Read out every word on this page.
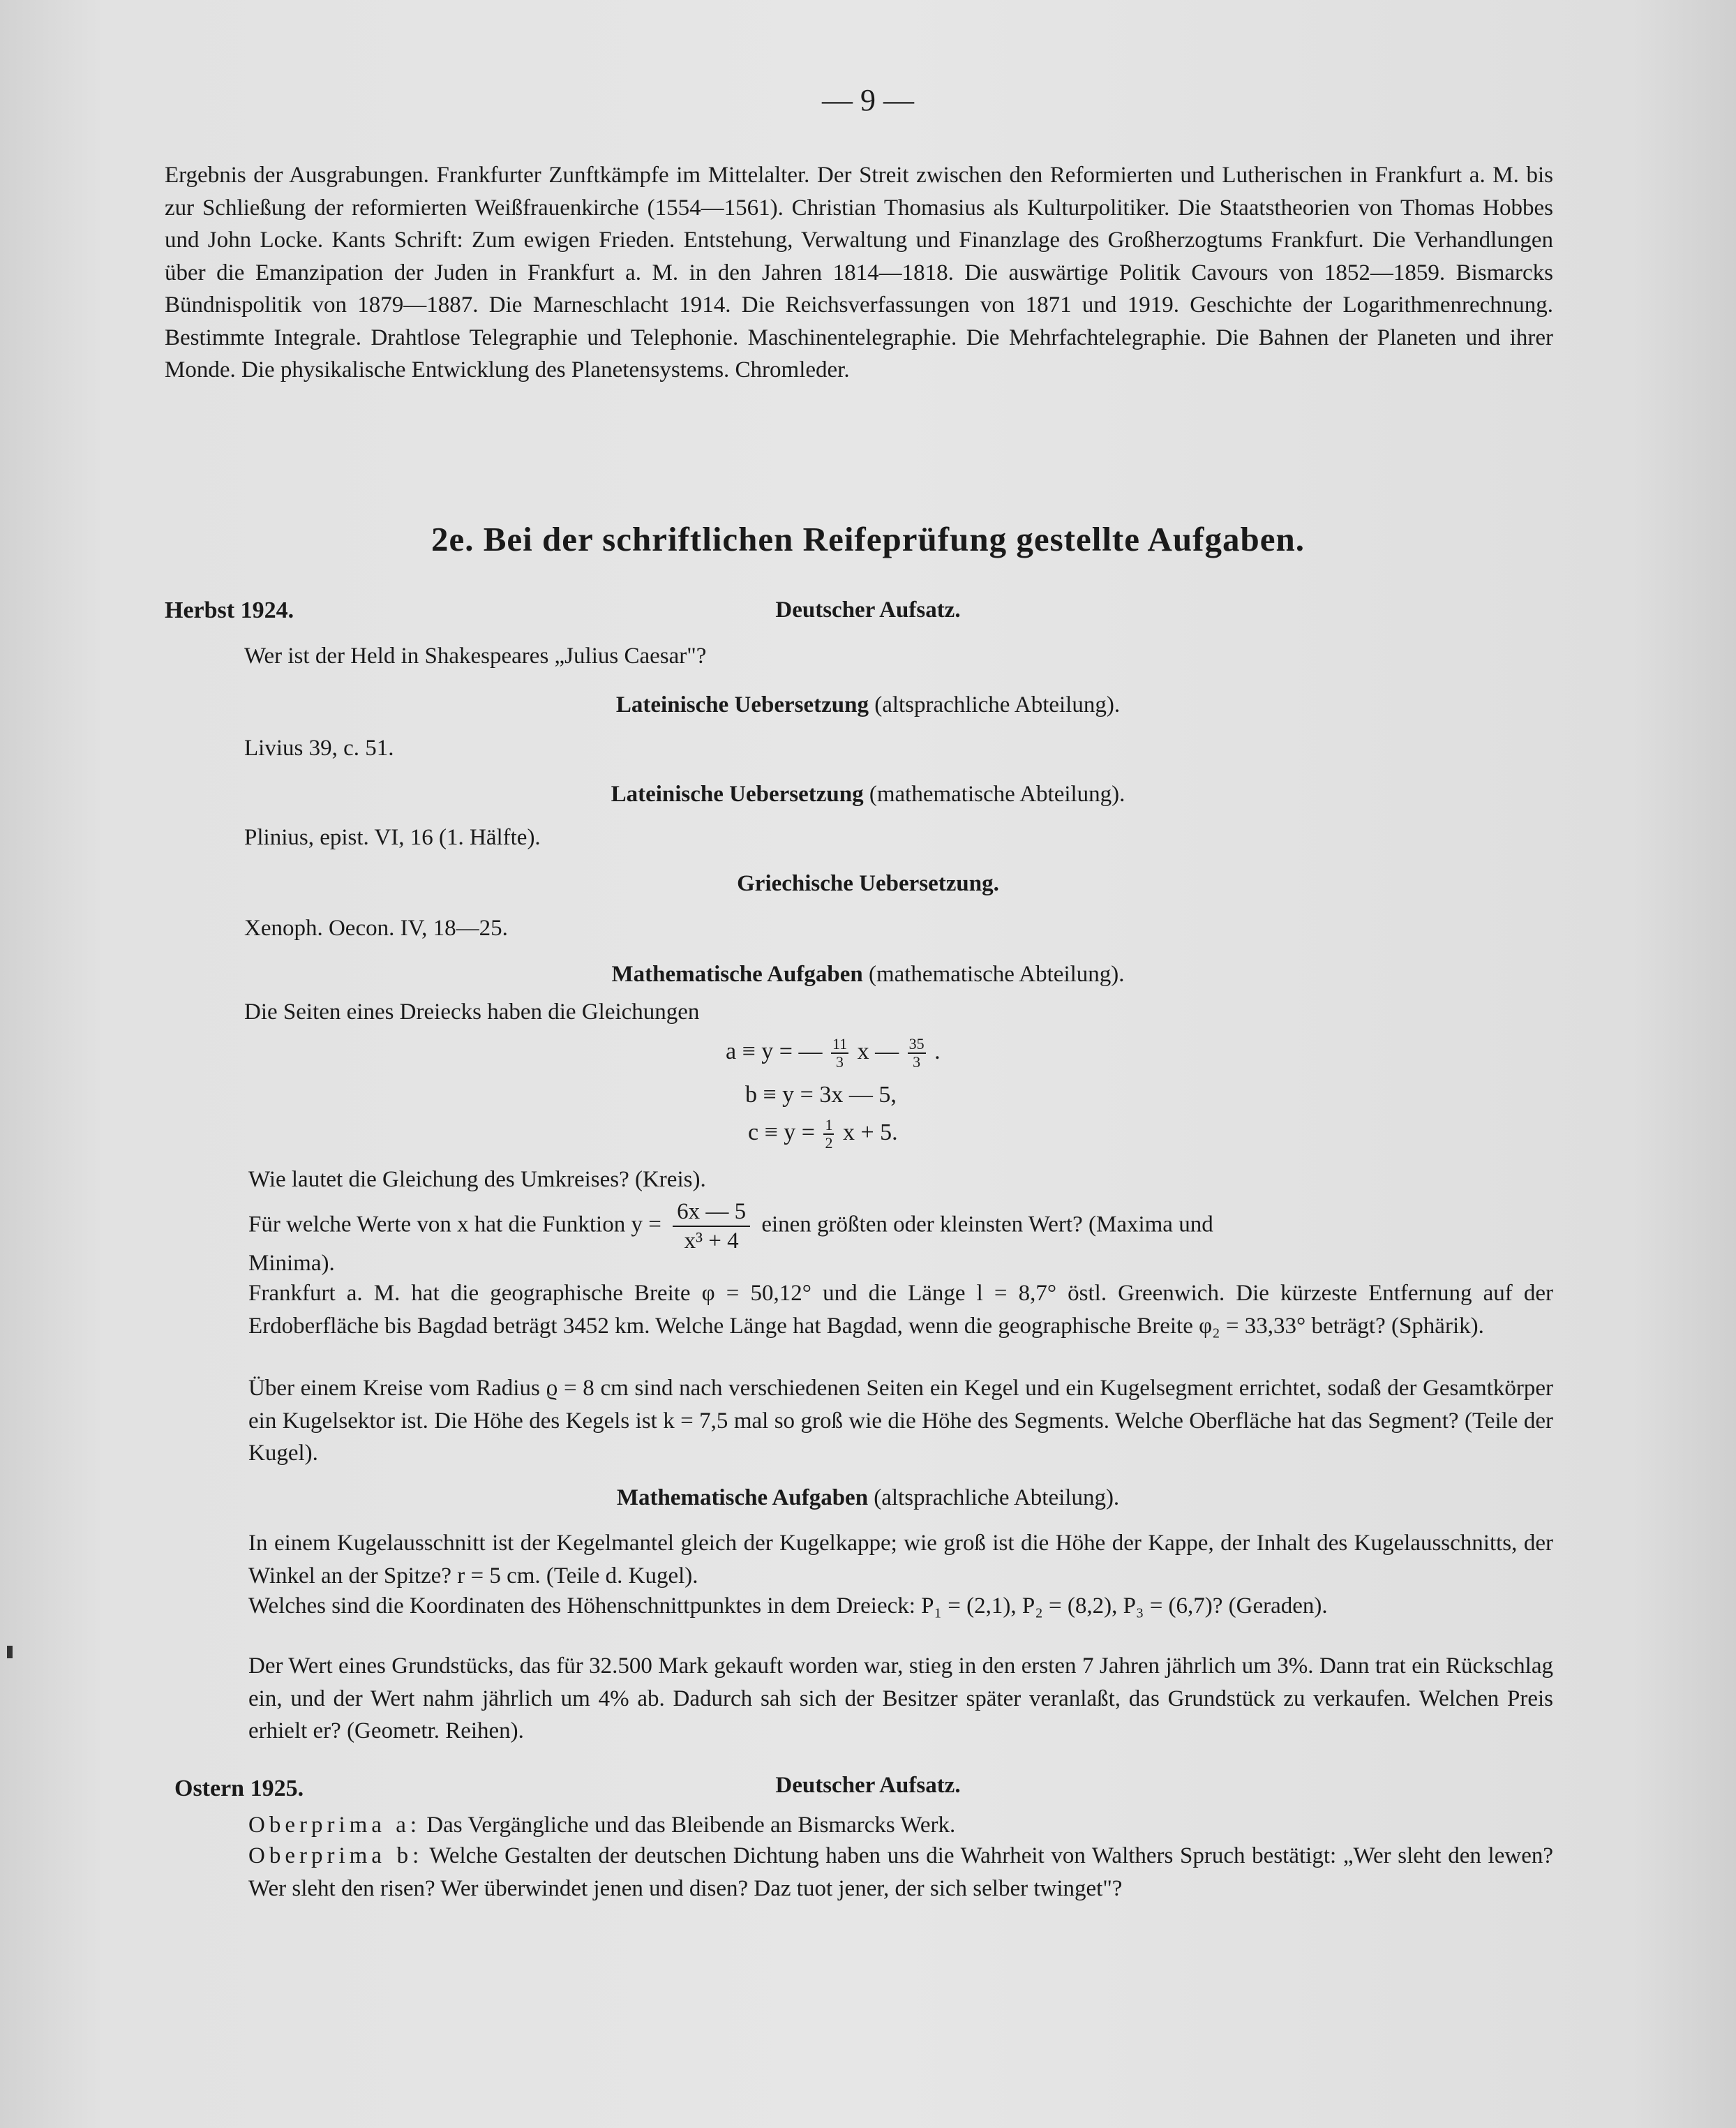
— 9 —
Ergebnis der Ausgrabungen. Frankfurter Zunftkämpfe im Mittelalter. Der Streit zwischen den Reformierten und Lutherischen in Frankfurt a. M. bis zur Schließung der reformierten Weißfrauenkirche (1554—1561). Christian Thomasius als Kulturpolitiker. Die Staatstheorien von Thomas Hobbes und John Locke. Kants Schrift: Zum ewigen Frieden. Entstehung, Verwaltung und Finanzlage des Großherzogtums Frankfurt. Die Verhandlungen über die Emanzipation der Juden in Frankfurt a. M. in den Jahren 1814—1818. Die auswärtige Politik Cavours von 1852—1859. Bismarcks Bündnispolitik von 1879—1887. Die Marneschlacht 1914. Die Reichsverfassungen von 1871 und 1919. Geschichte der Logarithmenrechnung. Bestimmte Integrale. Drahtlose Telegraphie und Telephonie. Maschinentelegraphie. Die Mehrfachtelegraphie. Die Bahnen der Planeten und ihrer Monde. Die physikalische Entwicklung des Planetensystems. Chromleder.
2e. Bei der schriftlichen Reifeprüfung gestellte Aufgaben.
Herbst 1924.	Deutscher Aufsatz.
Wer ist der Held in Shakespeares „Julius Caesar"?
Lateinische Uebersetzung (altsprachliche Abteilung).
Livius 39, c. 51.
Lateinische Uebersetzung (mathematische Abteilung).
Plinius, epist. VI, 16 (1. Hälfte).
Griechische Uebersetzung.
Xenoph. Oecon. IV, 18—25.
Mathematische Aufgaben (mathematische Abteilung).
Die Seiten eines Dreiecks haben die Gleichungen
a ≡ y = — $\frac{11}{3}$ x — $\frac{35}{3}$ .
b ≡ y = 3x — 5,
$c \equiv y = \frac{1}{2}$ x + 5.
Wie lautet die Gleichung des Umkreises? (Kreis).
Für welche Werte von x hat die Funktion $y = \frac{6x — 5}{\text{x³ + 4}}$ einen größten oder kleinsten Wert? (Maxima und
Minima).
Frankfurt a. M. hat die geographische Breite φ = 50,12° und die Länge l = 8,7° östl. Greenwich. Die kürzeste Entfernung auf der Erdoberfläche bis Bagdad beträgt 3452 km. Welche Länge hat Bagdad, wenn die geographische Breite φ₂ = 33,33° beträgt? (Sphärik).
Über einem Kreise vom Radius ϱ = 8 cm sind nach verschiedenen Seiten ein Kegel und ein Kugelsegment errichtet, sodaß der Gesamtkörper ein Kugelsektor ist. Die Höhe des Kegels ist k = 7,5 mal so groß wie die Höhe des Segments. Welche Oberfläche hat das Segment? (Teile der Kugel).
Mathematische Aufgaben (altsprachliche Abteilung).
In einem Kugelausschnitt ist der Kegelmantel gleich der Kugelkappe; wie groß ist die Höhe der Kappe, der Inhalt des Kugelausschnitts, der Winkel an der Spitze? r = 5 cm. (Teile d. Kugel).
Welches sind die Koordinaten des Höhenschnittpunktes in dem Dreieck: P₁ = (2,1), P₂ = (8,2), P₃ = (6,7)? (Geraden).
Der Wert eines Grundstücks, das für 32.500 Mark gekauft worden war, stieg in den ersten 7 Jahren jährlich um 3%. Dann trat ein Rückschlag ein, und der Wert nahm jährlich um 4% ab. Dadurch sah sich der Besitzer später veranlaßt, das Grundstück zu verkaufen. Welchen Preis erhielt er? (Geometr. Reihen).
Ostern 1925.	Deutscher Aufsatz.
Oberprima a: Das Vergängliche und das Bleibende an Bismarcks Werk.
Oberprima b: Welche Gestalten der deutschen Dichtung haben uns die Wahrheit von Walthers Spruch bestätigt: „Wer sleht den lewen? Wer sleht den risen? Wer überwindet jenen und disen? Daz tuot jener, der sich selber twinget"?
